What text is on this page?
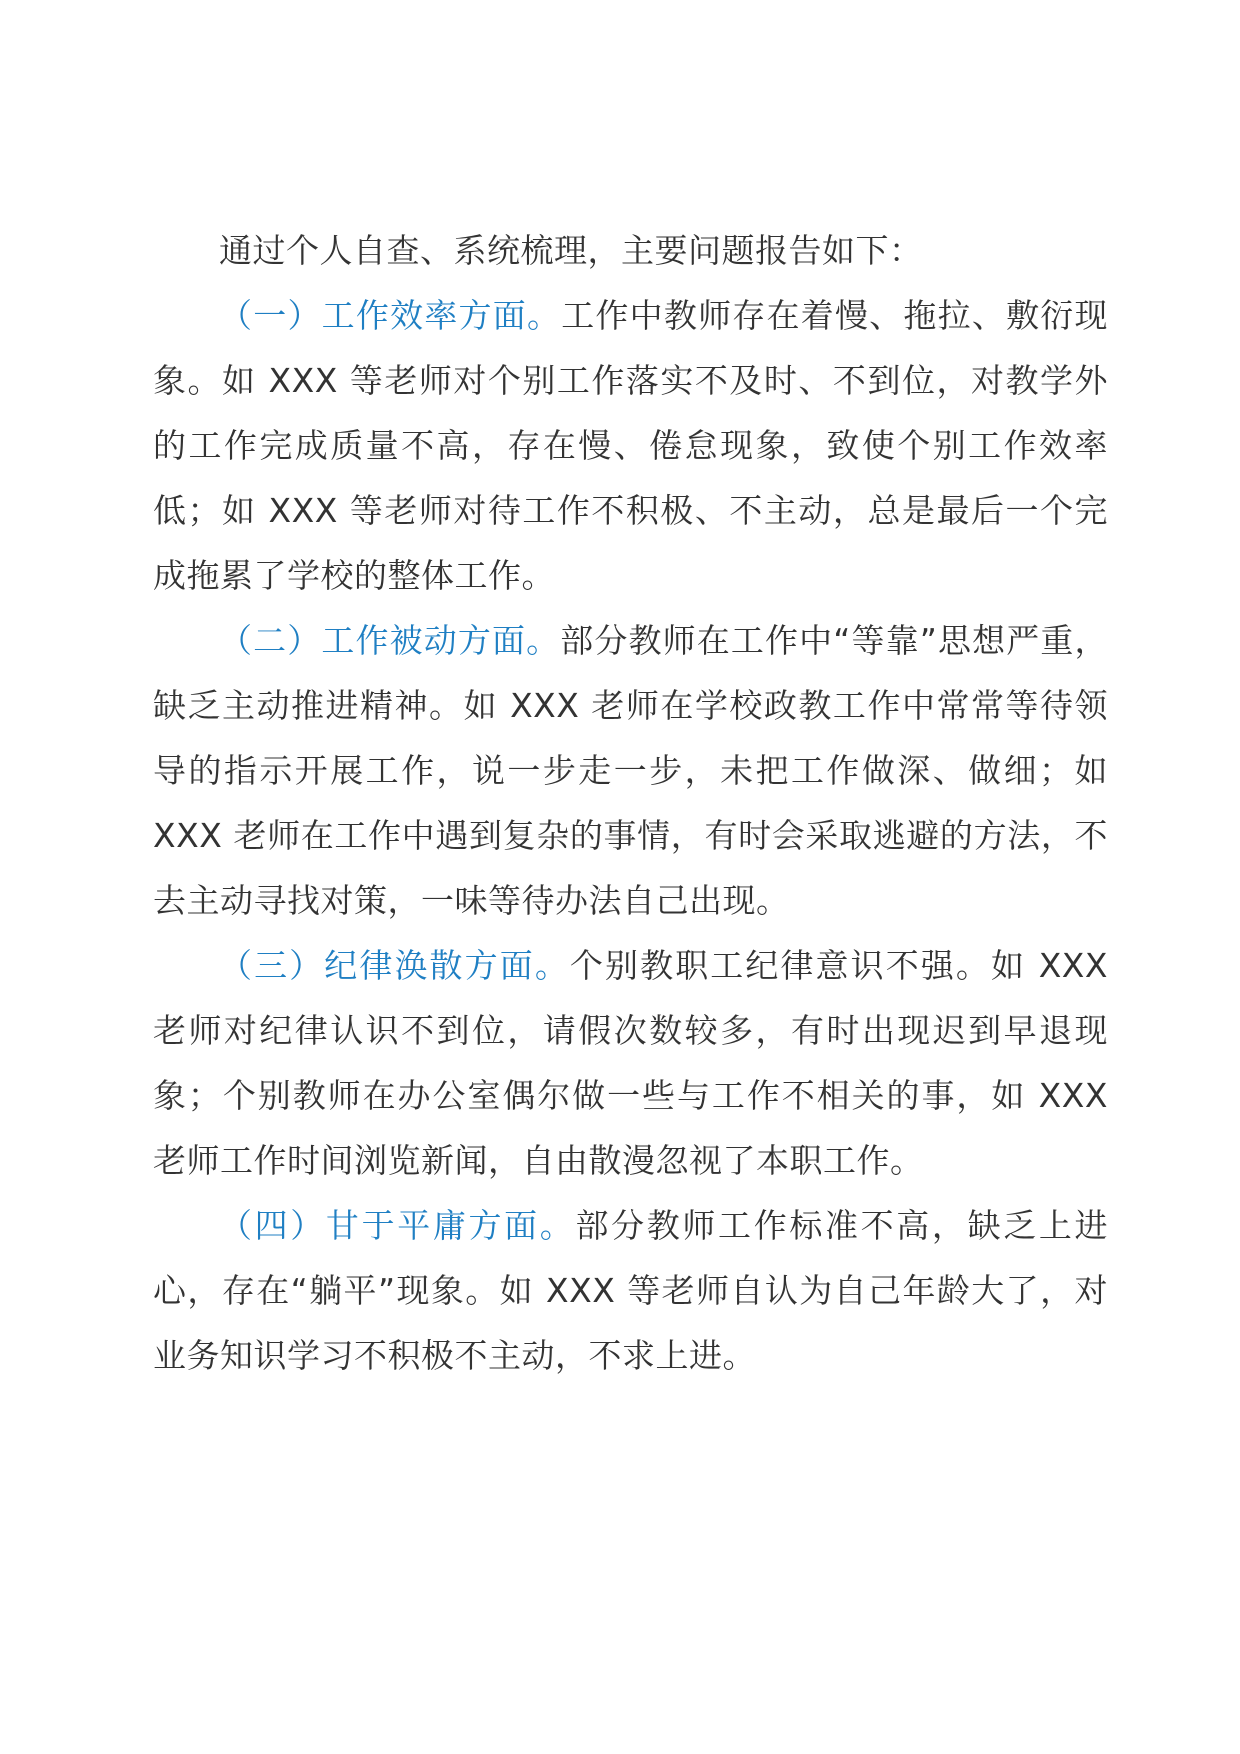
通过个人自查、系统梳理，主要问题报告如下：

（一）工作效率方面。工作中教师存在着慢、拖拉、敷衍现象。如 XXX 等老师对个别工作落实不及时、不到位，对教学外的工作完成质量不高，存在慢、倦怠现象，致使个别工作效率低；如 XXX 等老师对待工作不积极、不主动，总是最后一个完成拖累了学校的整体工作。

（二）工作被动方面。部分教师在工作中“等靠”思想严重，缺乏主动推进精神。如 XXX 老师在学校政教工作中常常等待领导的指示开展工作，说一步走一步，未把工作做深、做细；如 XXX 老师在工作中遇到复杂的事情，有时会采取逃避的方法，不去主动寻找对策，一味等待办法自己出现。

（三）纪律涣散方面。个别教职工纪律意识不强。如 XXX 老师对纪律认识不到位，请假次数较多，有时出现迟到早退现象；个别教师在办公室偶尔做一些与工作不相关的事，如 XXX 老师工作时间浏览新闻，自由散漫忽视了本职工作。

（四）甘于平庸方面。部分教师工作标准不高，缺乏上进心，存在“躺平”现象。如 XXX 等老师自认为自己年龄大了，对业务知识学习不积极不主动，不求上进。
